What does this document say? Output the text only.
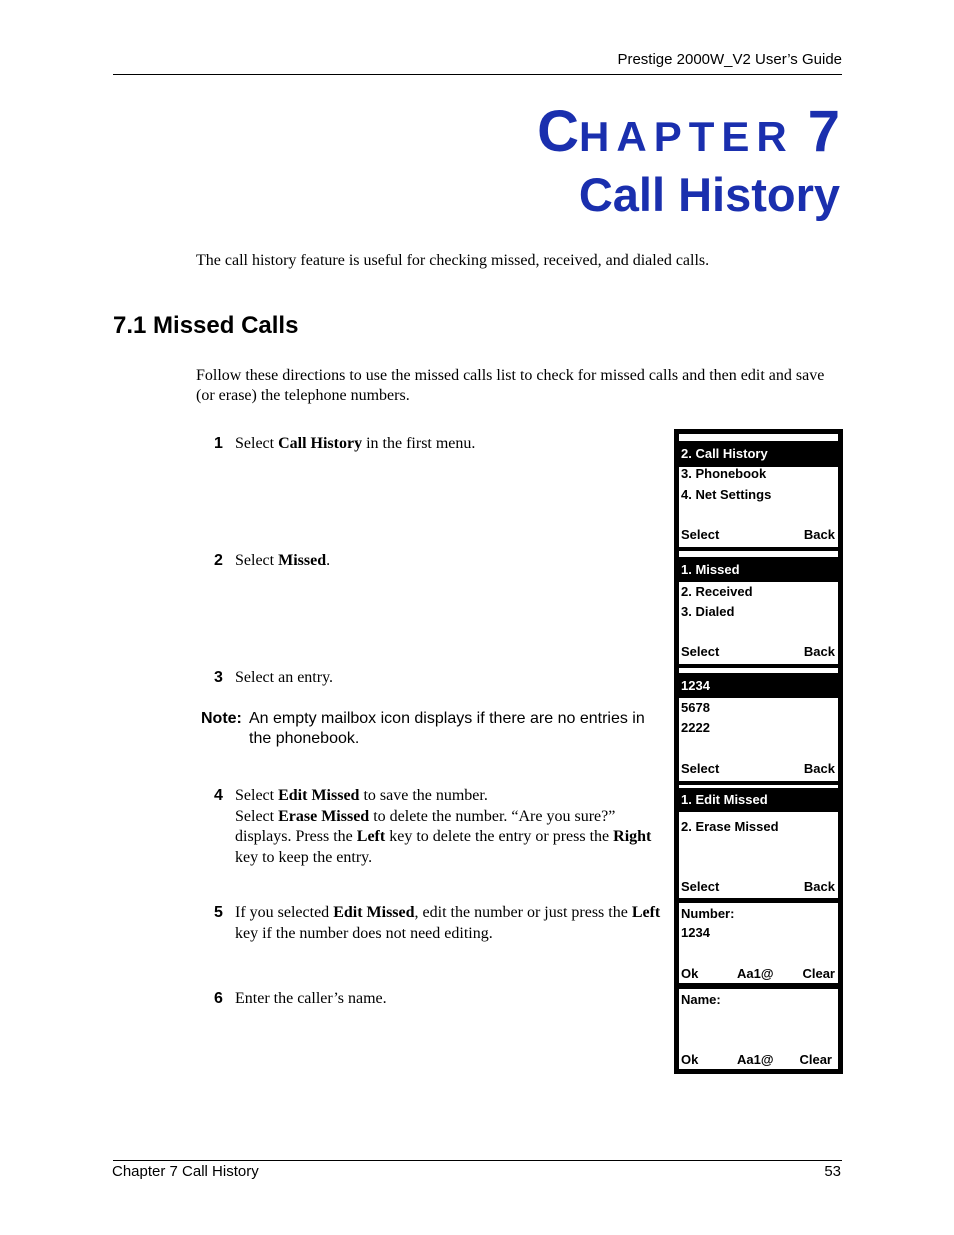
Prestige 2000W_V2 User’s Guide
CHAPTER 7
Call History
The call history feature is useful for checking missed, received, and dialed calls.
7.1 Missed Calls
Follow these directions to use the missed calls list to check for missed calls and then edit and save (or erase) the telephone numbers.
1 Select Call History in the first menu.
2 Select Missed.
3 Select an entry.
Note: An empty mailbox icon displays if there are no entries in the phonebook.
4 Select Edit Missed to save the number.
Select Erase Missed to delete the number. “Are you sure?” displays. Press the Left key to delete the entry or press the Right key to keep the entry.
5 If you selected Edit Missed, edit the number or just press the Left key if the number does not need editing.
6 Enter the caller’s name.
2. Call History
3. Phonebook
4. Net Settings
Select	Back
1. Missed
2. Received
3. Dialed
Select	Back
1234
5678
2222
Select	Back
1. Edit Missed
2. Erase Missed
Select	Back
Number:
1234
Ok	Aa1@ Clear
Name:
Ok	Aa1@ Clear
Chapter 7 Call History	53
